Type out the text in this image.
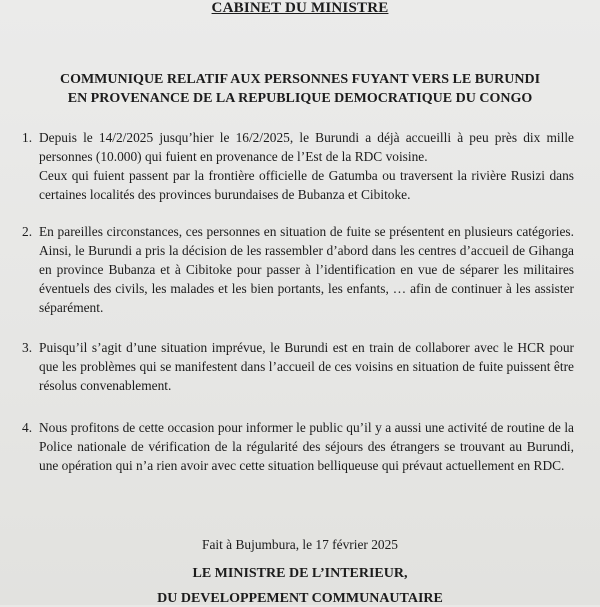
CABINET DU MINISTRE
COMMUNIQUE RELATIF AUX PERSONNES FUYANT VERS LE BURUNDI
EN PROVENANCE DE LA REPUBLIQUE DEMOCRATIQUE DU CONGO
1. Depuis le 14/2/2025 jusqu’hier le 16/2/2025, le Burundi a déjà accueilli à peu près dix mille personnes (10.000) qui fuient en provenance de l’Est de la RDC voisine.
Ceux qui fuient passent par la frontière officielle de Gatumba ou traversent la rivière Rusizi dans certaines localités des provinces burundaises de Bubanza et Cibitoke.
2. En pareilles circonstances, ces personnes en situation de fuite se présentent en plusieurs catégories. Ainsi, le Burundi a pris la décision de les rassembler d’abord dans les centres d’accueil de Gihanga en province Bubanza et à Cibitoke pour passer à l’identification en vue de séparer les militaires éventuels des civils, les malades et les bien portants, les enfants, … afin de continuer à les assister séparément.
3. Puisqu’il s’agit d’une situation imprévue, le Burundi est en train de collaborer avec le HCR pour que les problèmes qui se manifestent dans l’accueil de ces voisins en situation de fuite puissent être résolus convenablement.
4. Nous profitons de cette occasion pour informer le public qu’il y a aussi une activité de routine de la Police nationale de vérification de la régularité des séjours des étrangers se trouvant au Burundi, une opération qui n’a rien avoir avec cette situation belliqueuse qui prévaut actuellement en RDC.
Fait à Bujumbura, le 17 février 2025
LE MINISTRE DE L’INTERIEUR,
DU DEVELOPPEMENT COMMUNAUTAIRE
